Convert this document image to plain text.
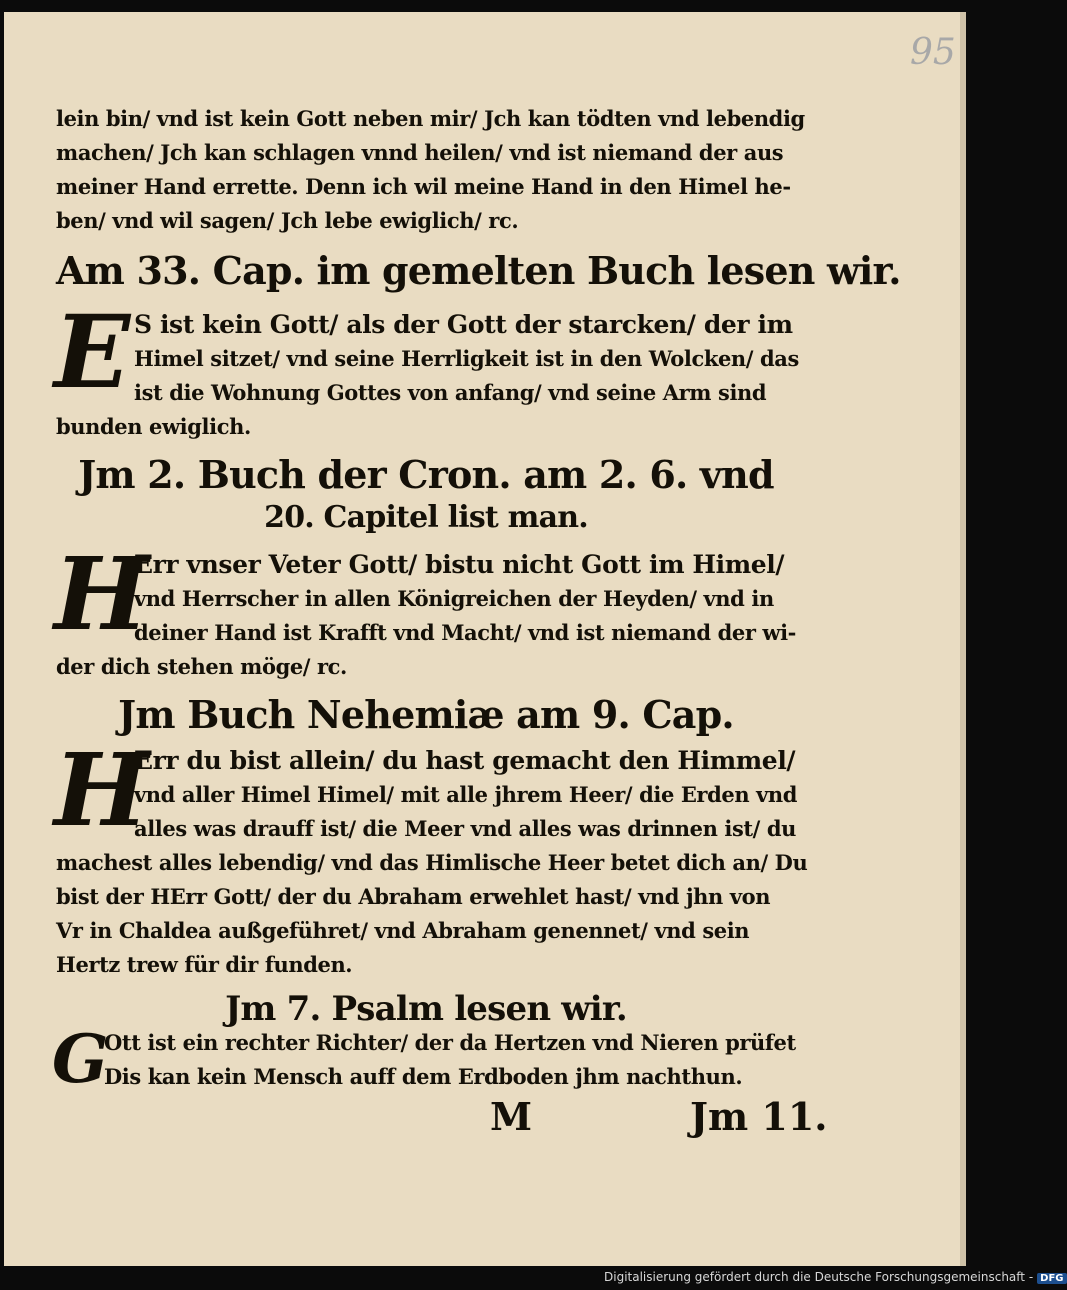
95
lein bin/ vnd ist kein Gott neben mir/ Jch kan tödten vnd lebendig
machen/ Jch kan schlagen vnnd heilen/ vnd ist niemand der aus
meiner Hand errette. Denn ich wil meine Hand in den Himel he-
ben/ vnd wil sagen/ Jch lebe ewiglich/ rc.
Am 33. Cap. im gemelten Buch lesen wir.
E S ist kein Gott/ als der Gott der starcken/ der im
Himel sitzet/ vnd seine Herrligkeit ist in den Wolcken/ das
ist die Wohnung Gottes von anfang/ vnd seine Arm sind
bunden ewiglich.
Jm 2. Buch der Cron. am 2. 6. vnd
20. Capitel list man.
H
Err vnser Veter Gott/ bistu nicht Gott im Himel/
vnd Herrscher in allen Königreichen der Heyden/ vnd in
deiner Hand ist Krafft vnd Macht/ vnd ist niemand der wi-
der dich stehen möge/ rc.
Jm Buch Nehemiæ am 9. Cap.
H
Err du bist allein/ du hast gemacht den Himmel/
vnd aller Himel Himel/ mit alle jhrem Heer/ die Erden vnd
alles was drauff ist/ die Meer vnd alles was drinnen ist/ du
machest alles lebendig/ vnd das Himlische Heer betet dich an/ Du
bist der HErr Gott/ der du Abraham erwehlet hast/ vnd jhn von
Vr in Chaldea außgeführet/ vnd Abraham genennet/ vnd sein
Hertz trew für dir funden.
Jm 7. Psalm lesen wir.
G
Ott ist ein rechter Richter/ der da Hertzen vnd Nieren prüfet
Dis kan kein Mensch auff dem Erdboden jhm nachthun.
M	Jm 11.
Digitalisierung gefördert durch die Deutsche Forschungsgemeinschaft - DFG
